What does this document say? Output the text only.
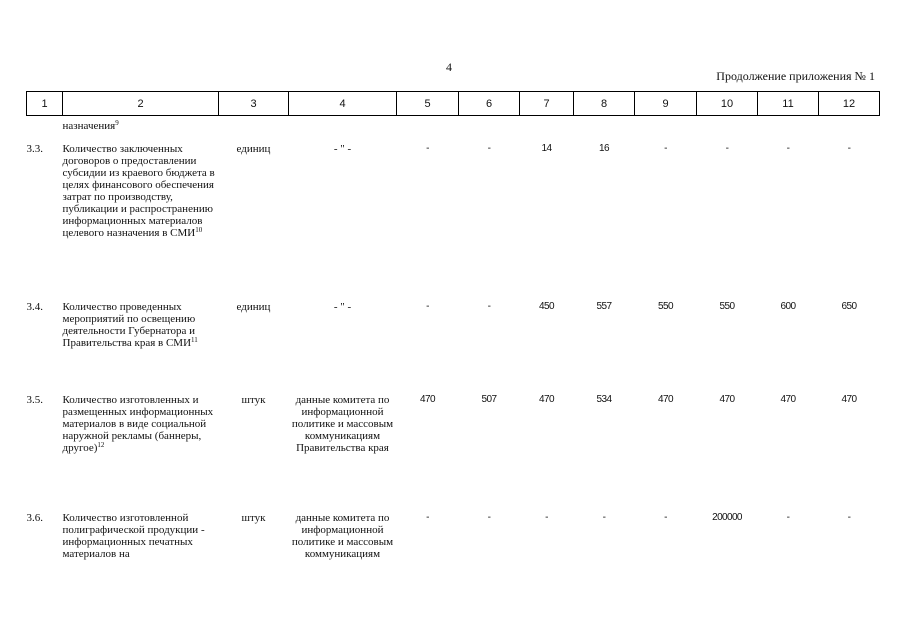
4
Продолжение приложения № 1
1	2	3	4	5	6	7	8	9	10	11	12
	назначения$^9$										
3.3.	Количество заключенных договоров о предоставлении субсидии из краевого бюджета в целях финансового обеспечения затрат по производству, публикации и распространению информационных материалов целевого назначения в СМИ$^{10}$	единиц	- " -	-	-	14	16	-	-	-	-
3.4.	Количество проведенных мероприятий по освещению деятельности Губернатора и Правительства края в СМИ$^{11}$	единиц	- " -	-	-	450	557	550	550	600	650
3.5.	Количество изготовленных и размещенных информационных материалов в виде социальной наружной рекламы (баннеры, другое)$^{12}$	штук	данные комитета по информационной политике и массовым коммуникациям Правительства края	470	507	470	534	470	470	470	470
3.6.	Количество изготовленной полиграфической продукции - информационных печатных материалов на	штук	данные комитета по информационной политике и массовым коммуникациям	-	-	-	-	-	200000	-	-
